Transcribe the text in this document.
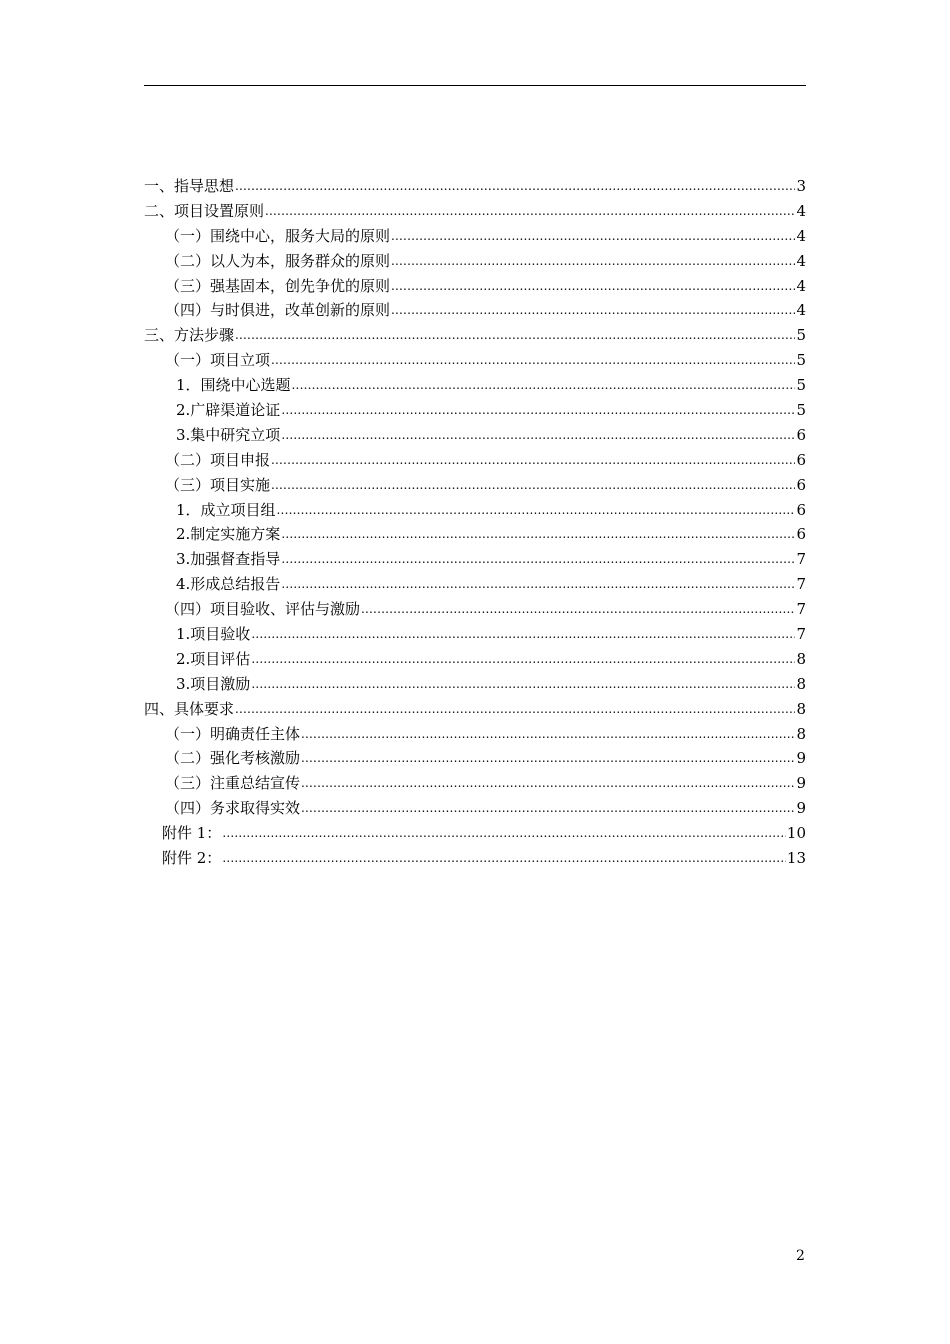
一、指导思想 .....	3
二、项目设置原则 .....	4
（一）围绕中心，服务大局的原则 .....	4
（二）以人为本，服务群众的原则 .....	4
（三）强基固本，创先争优的原则 .....	4
（四）与时俱进，改革创新的原则 .....	4
三、方法步骤 .....	5
（一）项目立项 .....	5
1．围绕中心选题 .....	5
2.广辟渠道论证 .....	5
3.集中研究立项 .....	6
（二）项目申报 .....	6
（三）项目实施 .....	6
1．成立项目组 .....	6
2.制定实施方案 .....	6
3.加强督查指导 .....	7
4.形成总结报告 .....	7
（四）项目验收、评估与激励 .....	7
1.项目验收 .....	7
2.项目评估 .....	8
3.项目激励 .....	8
四、具体要求 .....	8
（一）明确责任主体 .....	8
（二）强化考核激励 .....	9
（三）注重总结宣传 .....	9
（四）务求取得实效 .....	9
附件 1： .....	10
附件 2： .....	13
2
